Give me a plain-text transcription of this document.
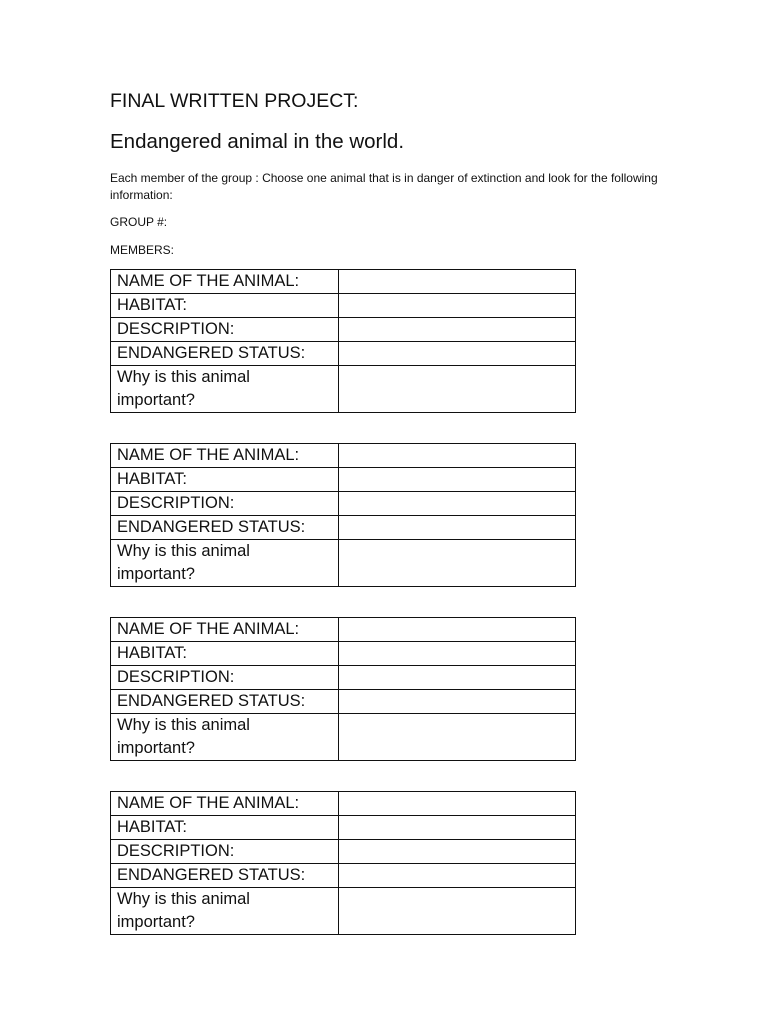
FINAL WRITTEN PROJECT:
Endangered animal in the world.
Each member of the group : Choose one animal that is in danger of extinction and look for the following information:
GROUP #:
MEMBERS:
NAME OF THE ANIMAL:	
HABITAT:	
DESCRIPTION:	
ENDANGERED STATUS:	
Why is this animal important?	
NAME OF THE ANIMAL:	
HABITAT:	
DESCRIPTION:	
ENDANGERED STATUS:	
Why is this animal important?	
NAME OF THE ANIMAL:	
HABITAT:	
DESCRIPTION:	
ENDANGERED STATUS:	
Why is this animal important?	
NAME OF THE ANIMAL:	
HABITAT:	
DESCRIPTION:	
ENDANGERED STATUS:	
Why is this animal important?	
